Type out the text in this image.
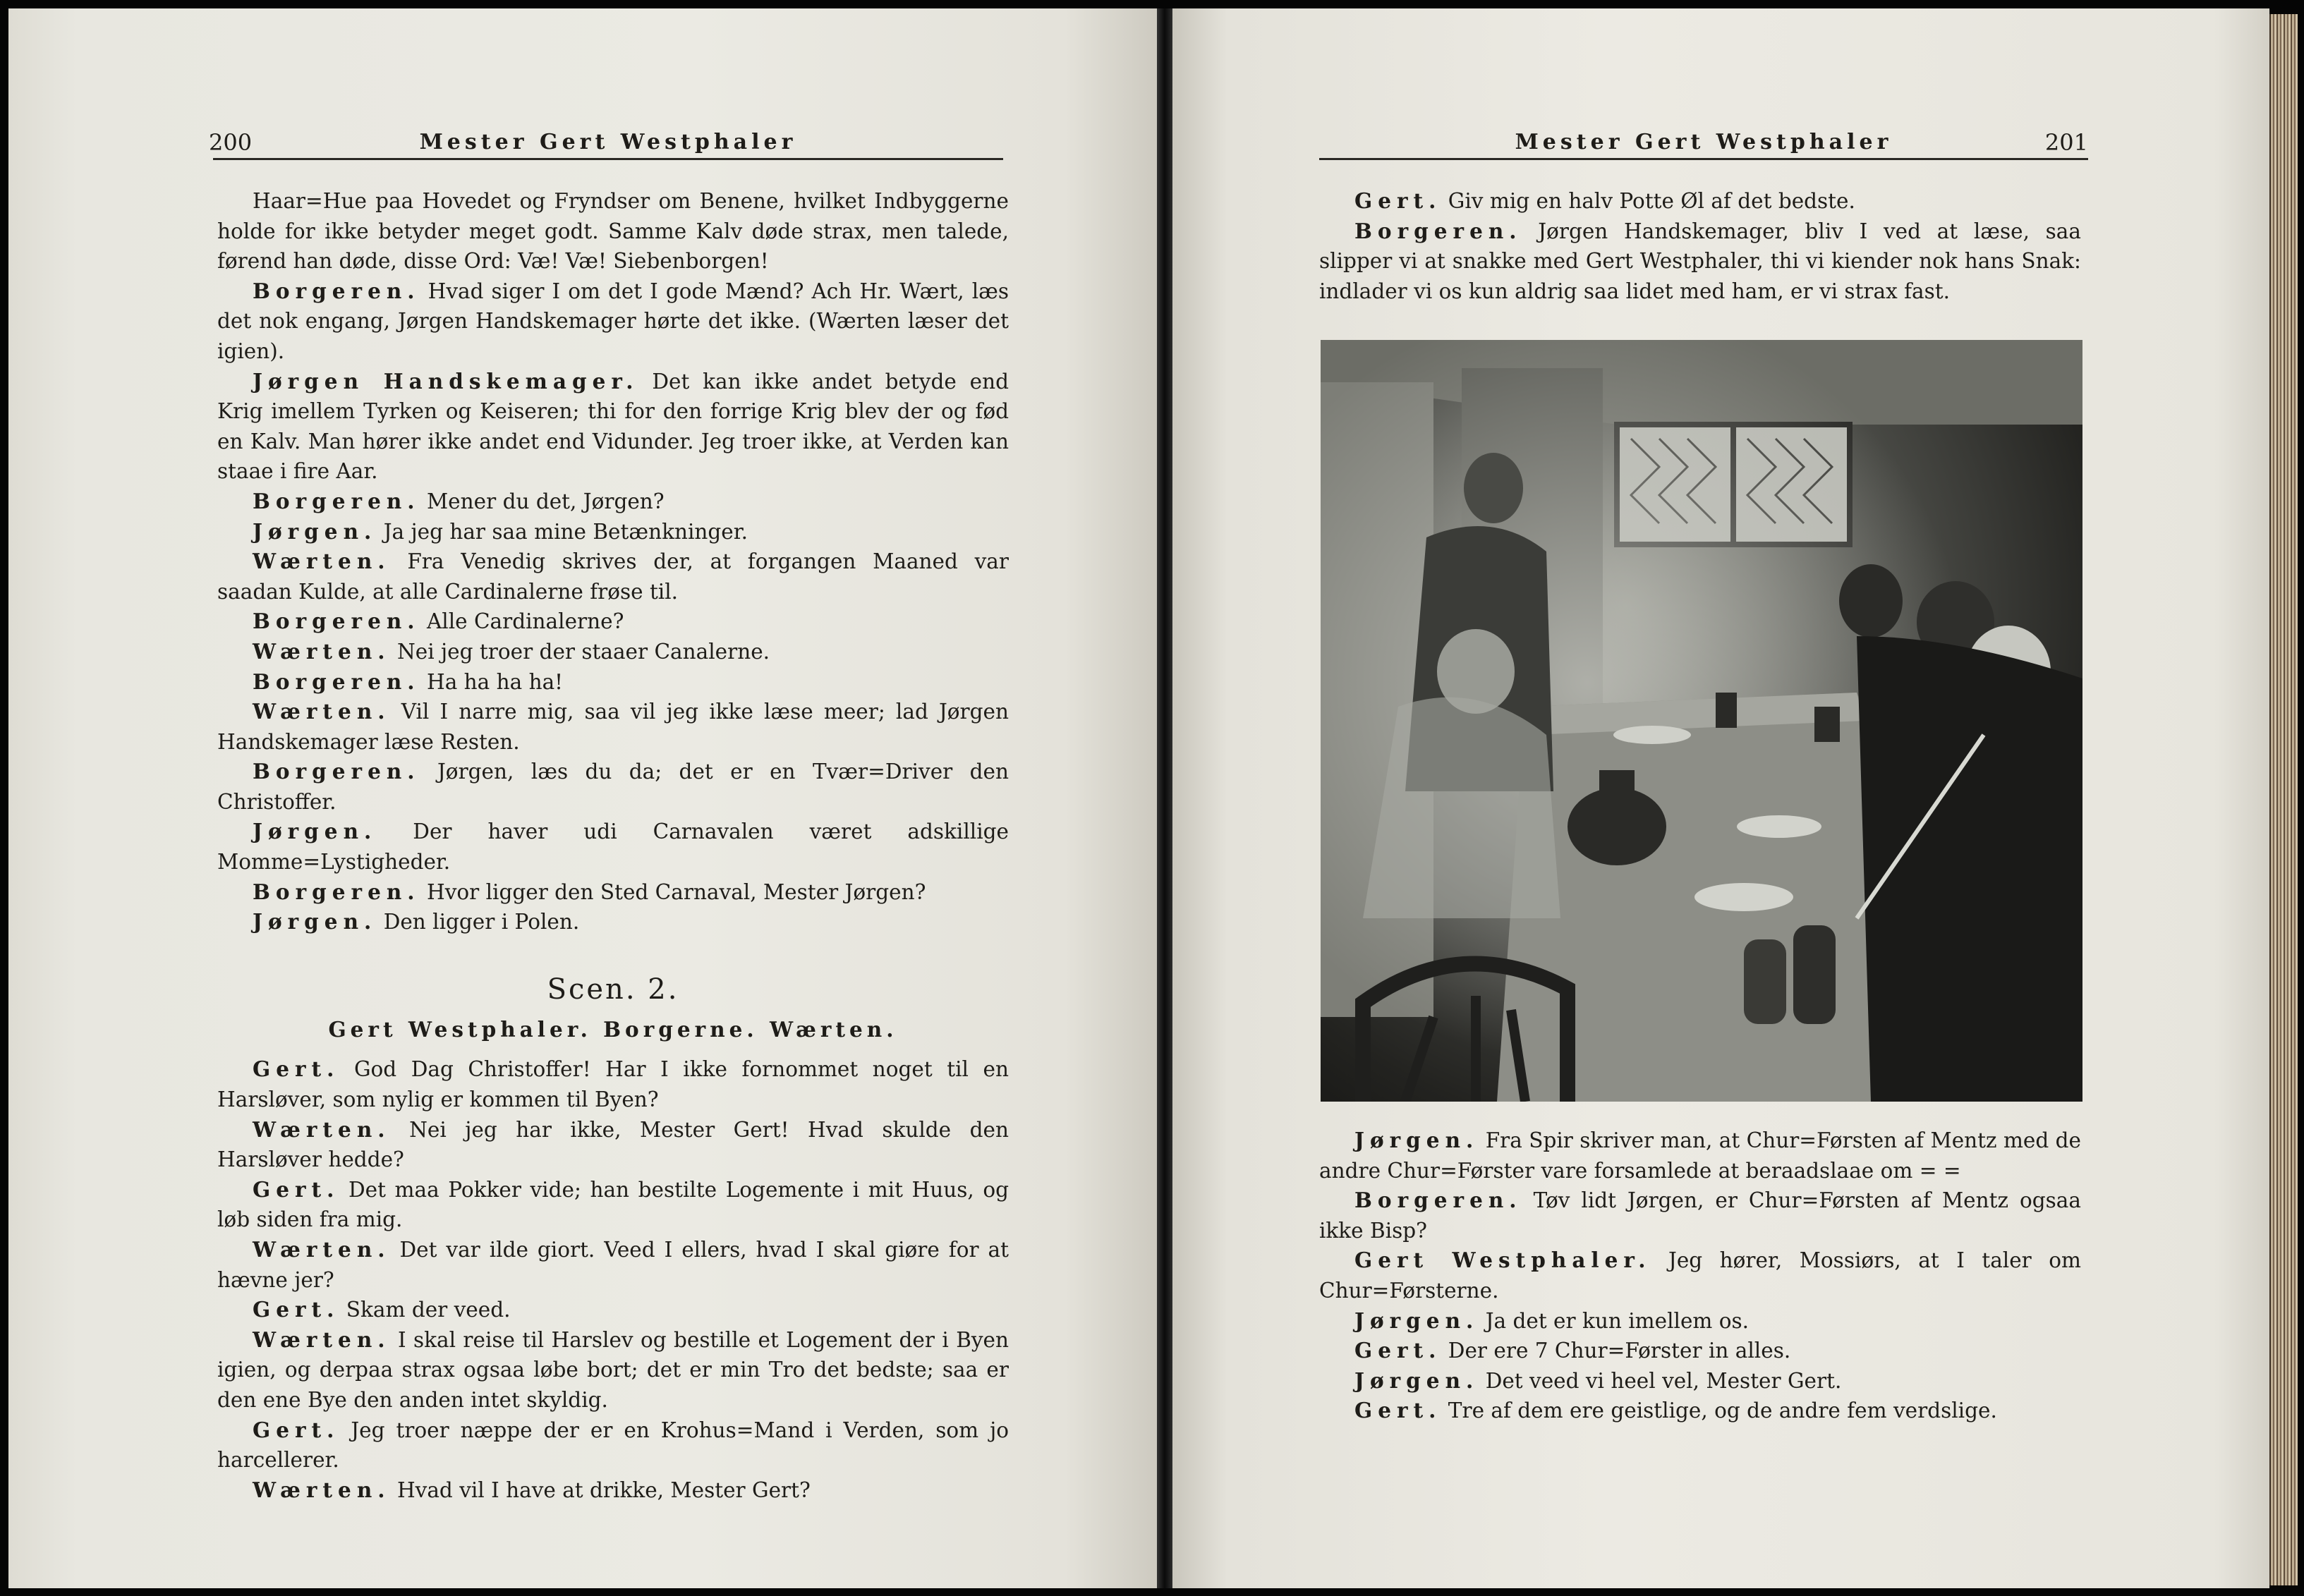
200	Mester Gert Westphaler

Haar=Hue paa Hovedet og Fryndser om Benene, hvilket Indbyggerne holde for ikke betyder meget godt. Samme Kalv døde strax, men talede, førend han døde, disse Ord: Væ! Væ! Siebenborgen!

Borgeren. Hvad siger I om det I gode Mænd? Ach Hr. Wært, læs det nok engang, Jørgen Handskemager hørte det ikke. (Wærten læser det igien).

Jørgen Handskemager. Det kan ikke andet betyde end Krig imellem Tyrken og Keiseren; thi for den forrige Krig blev der og fød en Kalv. Man hører ikke andet end Vidunder. Jeg troer ikke, at Verden kan staae i fire Aar.

Borgeren. Mener du det, Jørgen?

Jørgen. Ja jeg har saa mine Betænkninger.

Wærten. Fra Venedig skrives der, at forgangen Maaned var saadan Kulde, at alle Cardinalerne frøse til.

Borgeren. Alle Cardinalerne?

Wærten. Nei jeg troer der staaer Canalerne.

Borgeren. Ha ha ha ha!

Wærten. Vil I narre mig, saa vil jeg ikke læse meer; lad Jørgen Handskemager læse Resten.

Borgeren. Jørgen, læs du da; det er en Tvær=Driver den Christoffer.

Jørgen. Der haver udi Carnavalen været adskillige Momme=Lystigheder.

Borgeren. Hvor ligger den Sted Carnaval, Mester Jørgen?

Jørgen. Den ligger i Polen.

Scen. 2.
Gert Westphaler. Borgerne. Wærten.

Gert. God Dag Christoffer! Har I ikke fornommet noget til en Harsløver, som nylig er kommen til Byen?

Wærten. Nei jeg har ikke, Mester Gert! Hvad skulde den Harsløver hedde?

Gert. Det maa Pokker vide; han bestilte Logemente i mit Huus, og løb siden fra mig.

Wærten. Det var ilde giort. Veed I ellers, hvad I skal giøre for at hævne jer?

Gert. Skam der veed.

Wærten. I skal reise til Harslev og bestille et Logement der i Byen igien, og derpaa strax ogsaa løbe bort; det er min Tro det bedste; saa er den ene Bye den anden intet skyldig.

Gert. Jeg troer næppe der er en Krohus=Mand i Verden, som jo harcellerer.

Wærten. Hvad vil I have at drikke, Mester Gert?

Mester Gert Westphaler	201

Gert. Giv mig en halv Potte Øl af det bedste.

Borgeren. Jørgen Handskemager, bliv I ved at læse, saa slipper vi at snakke med Gert Westphaler, thi vi kiender nok hans Snak: indlader vi os kun aldrig saa lidet med ham, er vi strax fast.

Jørgen. Fra Spir skriver man, at Chur=Førsten af Mentz med de andre Chur=Førster vare forsamlede at beraadslaae om = =

Borgeren. Tøv lidt Jørgen, er Chur=Førsten af Mentz ogsaa ikke Bisp?

Gert Westphaler. Jeg hører, Mossiørs, at I taler om Chur=Førsterne.

Jørgen. Ja det er kun imellem os.

Gert. Der ere 7 Chur=Førster in alles.

Jørgen. Det veed vi heel vel, Mester Gert.

Gert. Tre af dem ere geistlige, og de andre fem verdslige.
